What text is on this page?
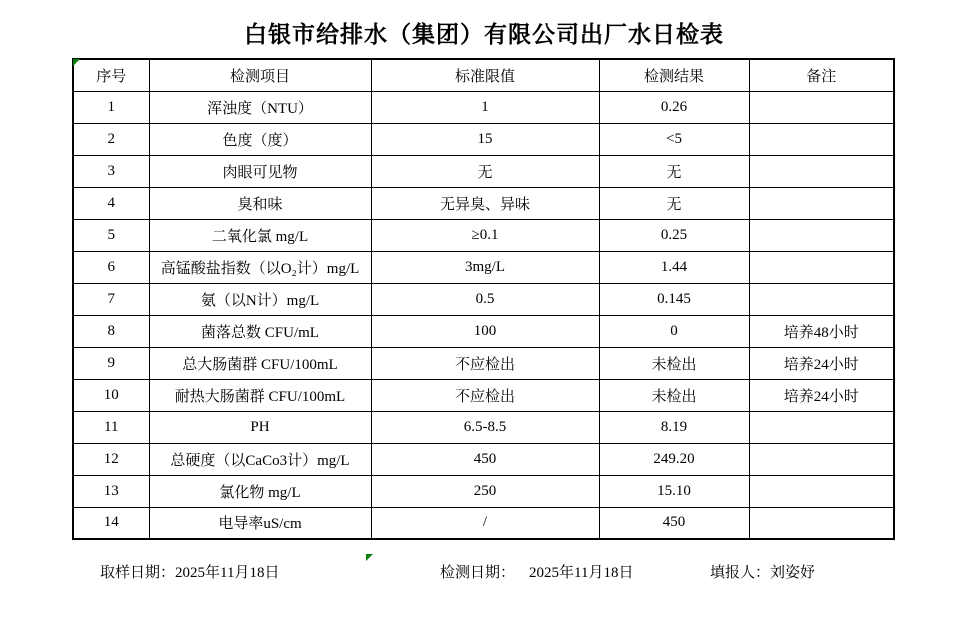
白银市给排水（集团）有限公司出厂水日检表
序号	检测项目	标准限值	检测结果	备注
1	浑浊度（NTU）	1	0.26	
2	色度（度）	15	<5	
3	肉眼可见物	无	无	
4	臭和味	无异臭、异味	无	
5	二氧化氯 mg/L	≥0.1	0.25	
6	高锰酸盐指数（以O₂计）mg/L	3mg/L	1.44	
7	氨（以N计）mg/L	0.5	0.145	
8	菌落总数 CFU/mL	100	0	培养48小时
9	总大肠菌群 CFU/100mL	不应检出	未检出	培养24小时
10	耐热大肠菌群 CFU/100mL	不应检出	未检出	培养24小时
11	PH	6.5-8.5	8.19	
12	总硬度（以CaCo3计）mg/L	450	249.20	
13	氯化物 mg/L	250	15.10	
14	电导率uS/cm	/	450	
取样日期：2025年11月18日	检测日期： 2025年11月18日	填报人：刘姿妤
